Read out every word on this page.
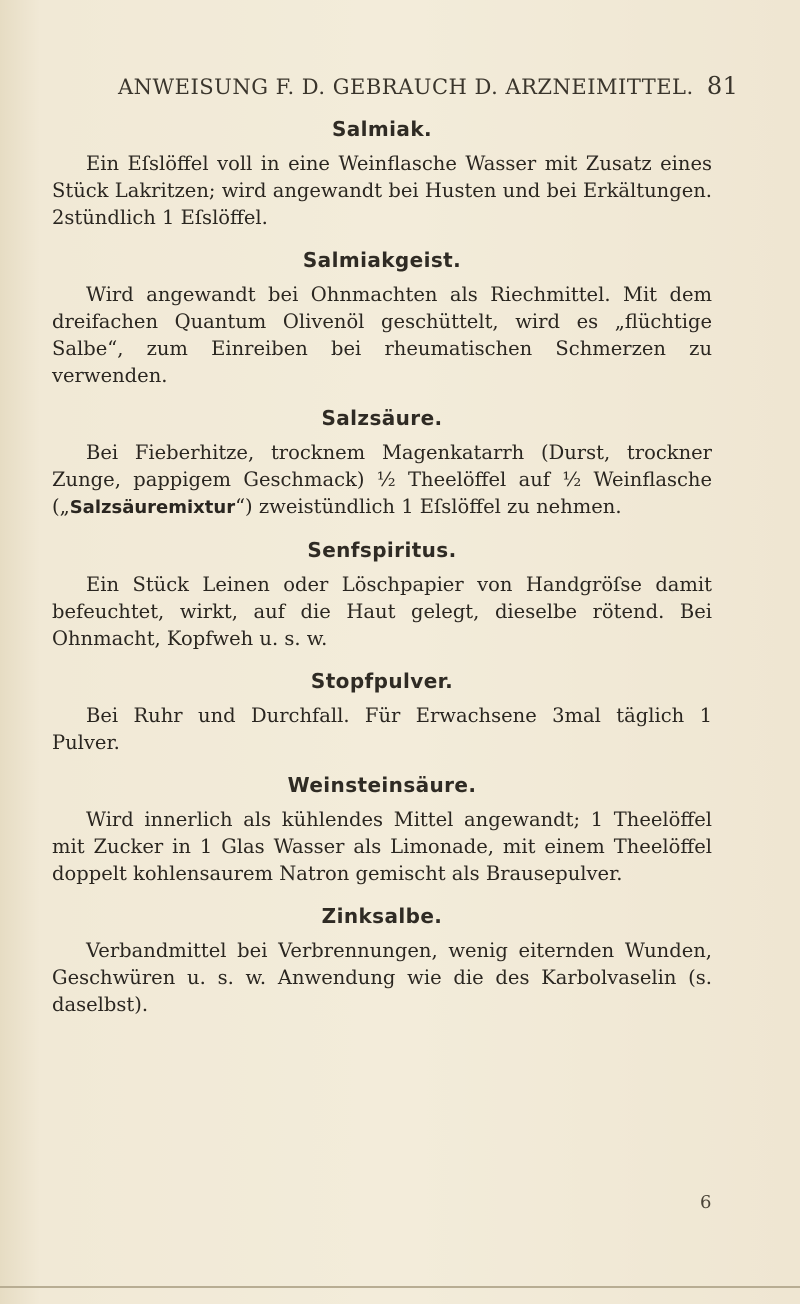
ANWEISUNG F. D. GEBRAUCH D. ARZNEIMITTEL. 81
Salmiak.

Ein Eſslöffel voll in eine Weinflasche Wasser mit Zusatz eines Stück Lakritzen; wird angewandt bei Husten und bei Erkältungen. 2stündlich 1 Eſslöffel.

Salmiakgeist.

Wird angewandt bei Ohnmachten als Riechmittel. Mit dem dreifachen Quantum Olivenöl geschüttelt, wird es „flüchtige Salbe“, zum Einreiben bei rheumatischen Schmerzen zu verwenden.

Salzsäure.

Bei Fieberhitze, trocknem Magenkatarrh (Durst, trockner Zunge, pappigem Geschmack) ½ Theelöffel auf ½ Weinflasche („Salzsäuremixtur“) zweistündlich 1 Eſslöffel zu nehmen.

Senfspiritus.

Ein Stück Leinen oder Löschpapier von Handgröſse damit befeuchtet, wirkt, auf die Haut gelegt, dieselbe rötend. Bei Ohnmacht, Kopfweh u. s. w.

Stopfpulver.

Bei Ruhr und Durchfall. Für Erwachsene 3mal täglich 1 Pulver.

Weinsteinsäure.

Wird innerlich als kühlendes Mittel angewandt; 1 Theelöffel mit Zucker in 1 Glas Wasser als Limonade, mit einem Theelöffel doppelt kohlensaurem Natron gemischt als Brausepulver.

Zinksalbe.

Verbandmittel bei Verbrennungen, wenig eiternden Wunden, Geschwüren u. s. w. Anwendung wie die des Karbolvaselin (s. daselbst).

6
